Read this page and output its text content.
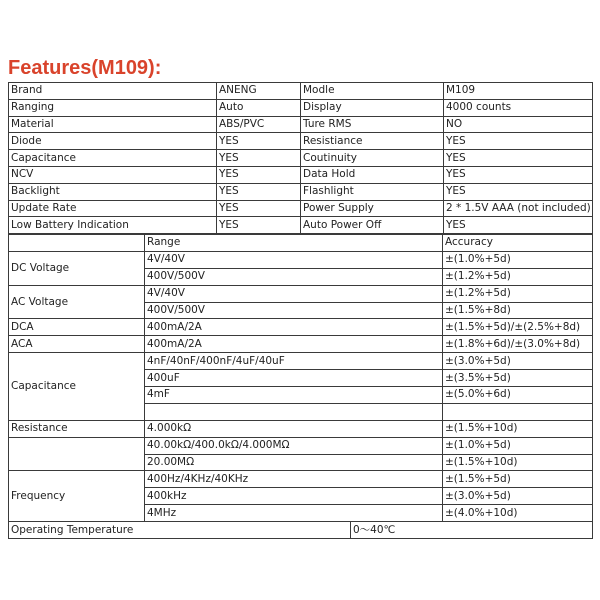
Features(M109):
Brand	ANENG	Modle	M109
Ranging	Auto	Display	4000 counts
Material	ABS/PVC	Ture RMS	NO
Diode	YES	Resistiance	YES
Capacitance	YES	Coutinuity	YES
NCV	YES	Data Hold	YES
Backlight	YES	Flashlight	YES
Update Rate	YES	Power Supply	2 * 1.5V AAA (not included)
Low Battery Indication	YES	Auto Power Off	YES
	Range	Accuracy
DC Voltage	4V/40V	±(1.0%+5d)
	400V/500V	±(1.2%+5d)
AC Voltage	4V/40V	±(1.2%+5d)
	400V/500V	±(1.5%+8d)
DCA	400mA/2A	±(1.5%+5d)/±(2.5%+8d)
ACA	400mA/2A	±(1.8%+6d)/±(3.0%+8d)
Capacitance	4nF/40nF/400nF/4uF/40uF	±(3.0%+5d)
	400uF	±(3.5%+5d)
	4mF	±(5.0%+6d)

Resistance	4.000kΩ	±(1.5%+10d)
	40.00kΩ/400.0kΩ/4.000MΩ	±(1.0%+5d)
	20.00MΩ	±(1.5%+10d)
Frequency	400Hz/4KHz/40KHz	±(1.5%+5d)
	400kHz	±(3.0%+5d)
	4MHz	±(4.0%+10d)
Operating Temperature	0～40℃
